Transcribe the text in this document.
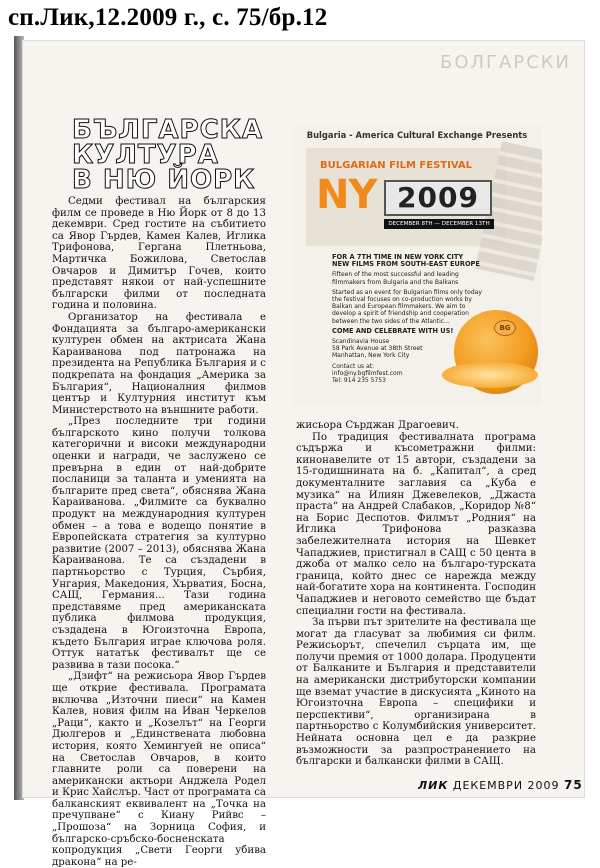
сп.Лик,12.2009 г., с. 75/бр.12
БОЛГАРСКИ
БЪЛГАРСКА
КУЛТУРА
В НЮ ЙОРК
Bulgaria - America Cultural Exchange Presents
BULGARIAN FILM FESTIVAL
NY 2009
DECEMBER 8TH — DECEMBER 13TH
FOR A 7TH TIME IN NEW YORK CITY NEW FILMS FROM SOUTH-EAST EUROPE
Fifteen of the most successful and leading filmmakers from Bulgaria and the Balkans
Started as an event for Bulgarian films only today the festival focuses on co-production works by Balkan and European filmmakers. We aim to develop a spirit of friendship and cooperation between the two sides of the Atlantic...
COME AND CELEBRATE WITH US!
Scandinavia House
58 Park Avenue at 38th Street
Manhattan, New York City
Contact us at:
info@ny.bgfilmfest.com
Tel: 914 235 5753
BG

Седми фестивал на българския филм се проведе в Ню Йорк от 8 до 13 декември. Сред гостите на събитието са Явор Гърдев, Камен Калев, Иглика Трифонова, Гергана Плетньова, Мартичка Божилова, Светослав Овчаров и Димитър Гочев, които представят някои от най-успешните български филми от последната година и половина.

Организатор на фестивала е Фондацията за българо-американски културен обмен на актрисата Жана Караиванова под патронажа на президента на Република България и с подкрепата на фондация „Америка за България“, Националния филмов център и Културния институт към Министерството на външните работи.

„През последните три години българското кино получи толкова категорични и високи международни оценки и награди, че заслужено се превърна в един от най-добрите посланици за таланта и уменията на българите пред света“, обяснява Жана Караиванова. „Филмите са буквално продукт на международния културен обмен – а това е водещо понятие в Европейската стратегия за културно развитие (2007 – 2013), обяснява Жана Караиванова. Те са създадени в партньорство с Турция, Сърбия, Унгария, Македония, Хърватия, Босна, САЩ, Германия... Тази година представяме пред американската публика филмова продукция, създадена в Югоизточна Европа, където България играе ключова роля. Оттук нататък фестивалът ще се развива в тази посока.“

„Дзифт“ на режисьора Явор Гърдев ще открие фестивала. Програмата включва „Източни пиеси“ на Камен Калев, новия филм на Иван Черкелов „Раци“, както и „Козелът“ на Георги Дюлгеров и „Единствената любовна история, която Хемингуей не описа“ на Светослав Овчаров, в които главните роли са поверени на американски актьори Анджела Родел и Крис Хайслър. Част от програмата са балканският еквивалент на „Точка на пречупване“ с Киану Рийвс – „Прошоза“ на Зорница София, и българско-сръбско-босненската копродукция „Свети Георги убива дракона“ на ре-

жисьора Сърджан Драгоевич.

По традиция фестивалната програма съдържа и късометражни филми: кинонавелите от 15 автори, създадени за 15-годишнината на б. „Капитал“, а сред документалните заглавия са „Куба е музика“ на Илиян Джевелеков, „Джаста праста“ на Андрей Слабаков, „Коридор №8“ на Борис Деспотов. Филмът „Родния“ на Иглика Трифонова разказва забележителната история на Шевкет Чападжиев, пристигнал в САЩ с 50 цента в джоба от малко село на българо-турската граница, който днес се нарежда между най-богатите хора на континента. Господин Чападжиев и неговото семейство ще бъдат специални гости на фестивала.

За първи път зрителите на фестивала ще могат да гласуват за любимия си филм. Режисьорът, спечелил сърцата им, ще получи премия от 1000 долара. Продуценти от Балканите и България и представители на американски дистрибуторски компании ще вземат участие в дискусията „Киното на Югоизточна Европа – специфики и перспективи“, организирана в партньорство с Колумбийския университет. Нейната основна цел е да разкрие възможности за разпространението на български и балкански филми в САЩ.

ЛИК ДЕКЕМВРИ 2009 75
